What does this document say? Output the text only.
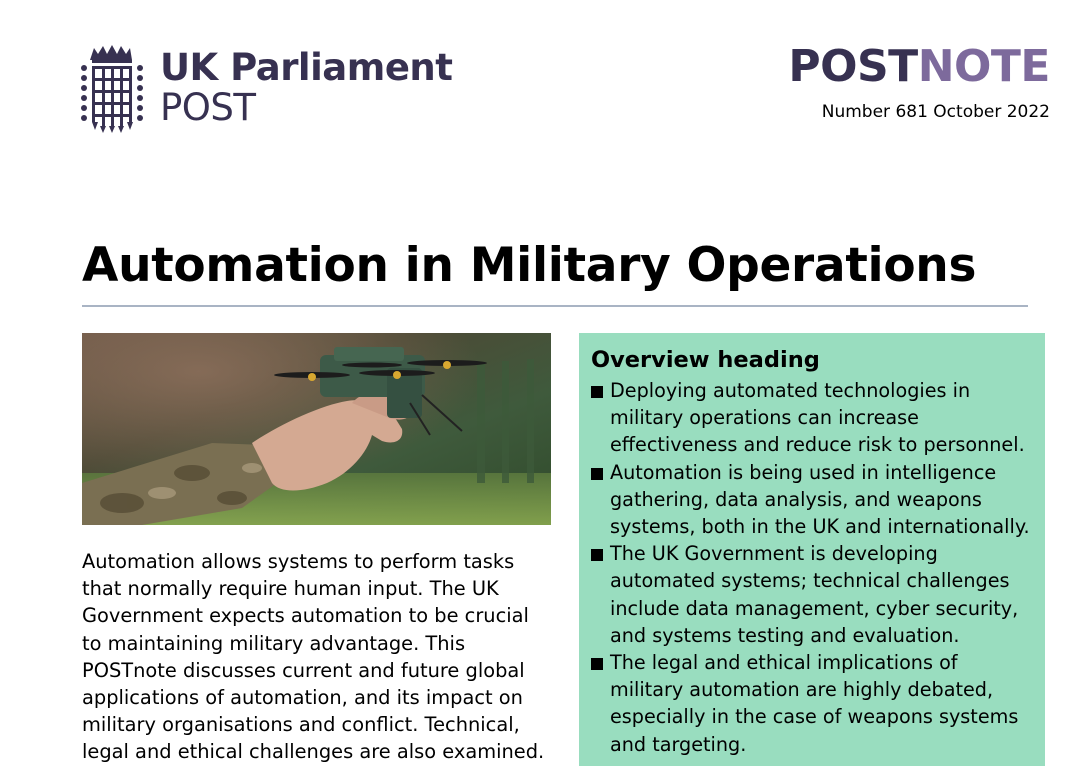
UK Parliament
POST
POSTNOTE
Number 681 October 2022
Automation in Military Operations

Automation allows systems to perform tasks that normally require human input. The UK Government expects automation to be crucial to maintaining military advantage. This POSTnote discusses current and future global applications of automation, and its impact on military organisations and conflict. Technical, legal and ethical challenges are also examined.

Overview heading
Deploying automated technologies in military operations can increase effectiveness and reduce risk to personnel.
Automation is being used in intelligence gathering, data analysis, and weapons systems, both in the UK and internationally.
The UK Government is developing automated systems; technical challenges include data management, cyber security, and systems testing and evaluation.
The legal and ethical implications of military automation are highly debated, especially in the case of weapons systems and targeting.
